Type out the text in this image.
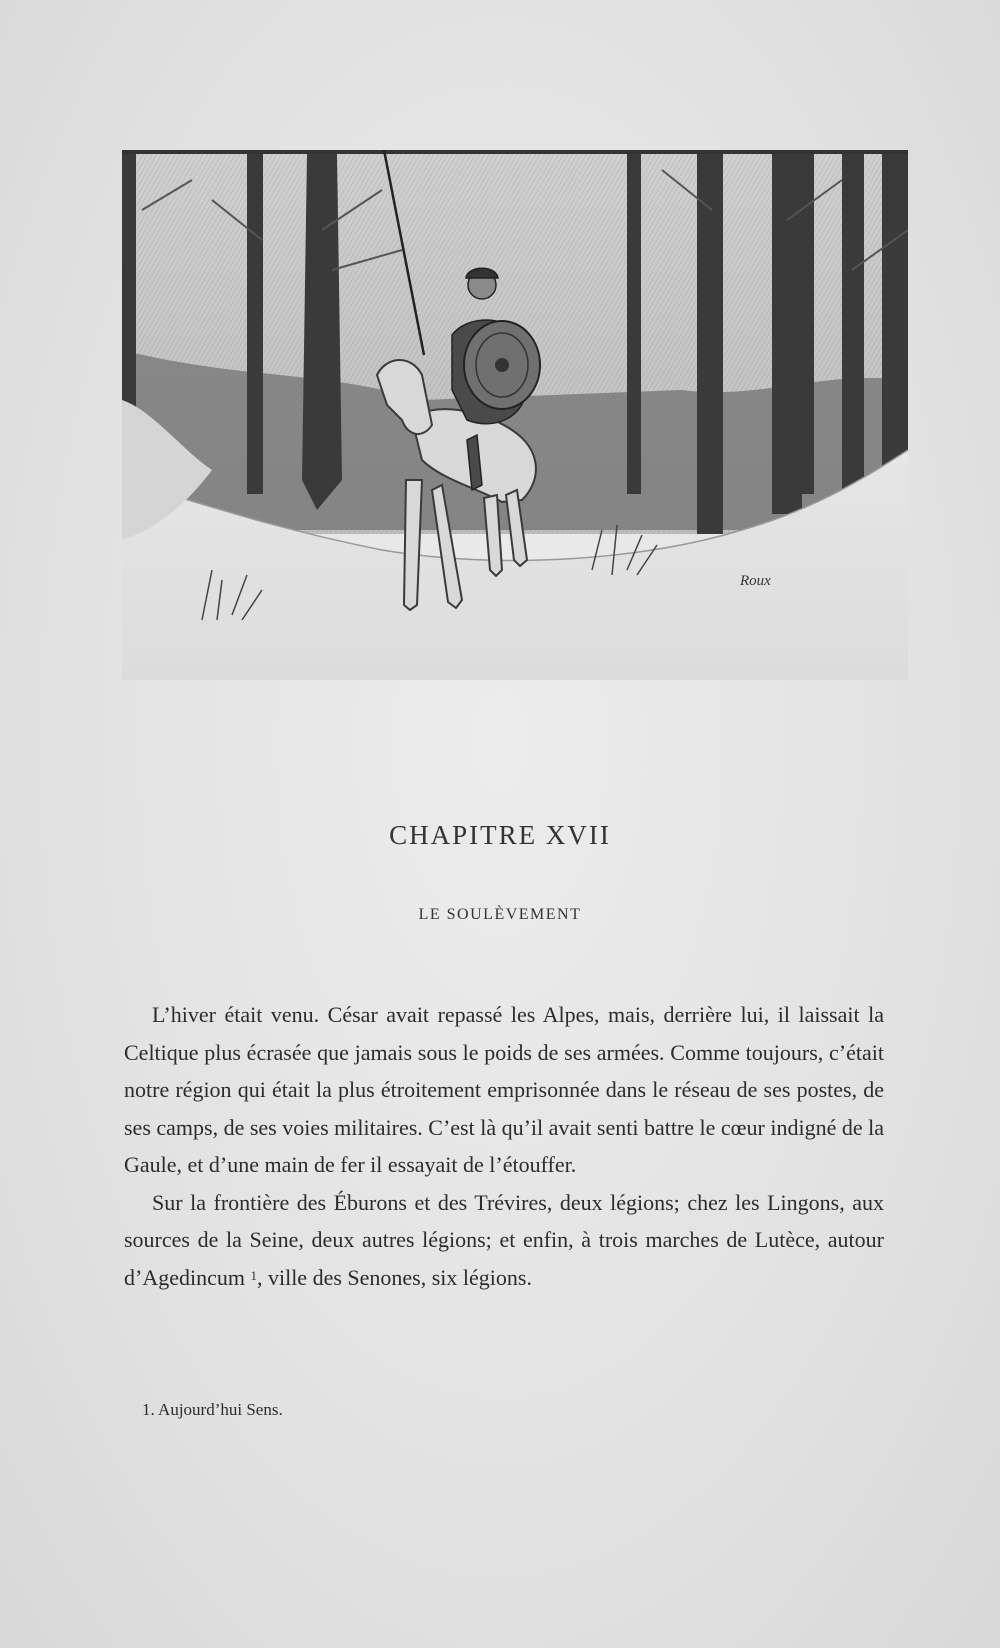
Roux
CHAPITRE XVII
LE SOULÈVEMENT

L’hiver était venu. César avait repassé les Alpes, mais, derrière lui, il laissait la Celtique plus écrasée que jamais sous le poids de ses armées. Comme toujours, c’était notre région qui était la plus étroitement emprisonnée dans le réseau de ses postes, de ses camps, de ses voies militaires. C’est là qu’il avait senti battre le cœur indigné de la Gaule, et d’une main de fer il essayait de l’étouffer.

Sur la frontière des Éburons et des Trévires, deux légions; chez les Lingons, aux sources de la Seine, deux autres légions; et enfin, à trois marches de Lutèce, autour d’Agedincum $^1$, ville des Senones, six légions.

1. Aujourd’hui Sens.
